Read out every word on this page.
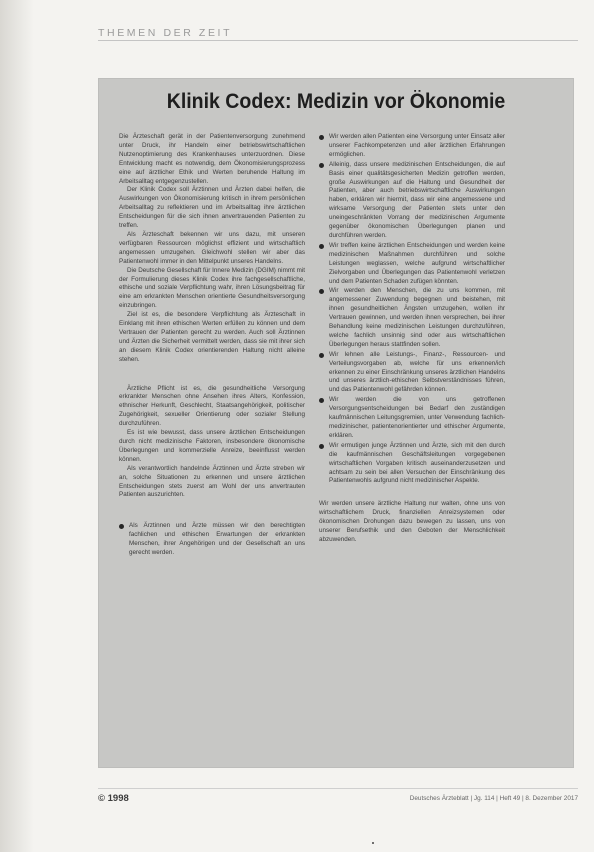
THEMEN DER ZEIT
Klinik Codex: Medizin vor Ökonomie

Die Ärzteschaft gerät in der Patientenversorgung zunehmend unter Druck, ihr Handeln einer betriebswirtschaftlichen Nutzenoptimierung des Krankenhauses unterzuordnen. Diese Entwicklung macht es notwendig, dem Ökonomisierungsprozess eine auf ärztlicher Ethik und Werten beruhende Haltung im Arbeitsalltag entgegenzustellen.

Der Klinik Codex soll Ärztinnen und Ärzten dabei helfen, die Auswirkungen von Ökonomisierung kritisch in ihrem persönlichen Arbeitsalltag zu reflektieren und im Arbeitsalltag ihre ärztlichen Entscheidungen für die sich ihnen anvertrauenden Patienten zu treffen.

Als Ärzteschaft bekennen wir uns dazu, mit unseren verfügbaren Ressourcen möglichst effizient und wirtschaftlich angemessen umzugehen. Gleichwohl stellen wir aber das Patientenwohl immer in den Mittelpunkt unseres Handelns.

Die Deutsche Gesellschaft für Innere Medizin (DGIM) nimmt mit der Formulierung dieses Klinik Codex ihre fachgesellschaftliche, ethische und soziale Verpflichtung wahr, ihren Lösungsbeitrag für eine am erkrankten Menschen orientierte Gesundheitsversorgung einzubringen.

Ziel ist es, die besondere Verpflichtung als Ärzteschaft in Einklang mit ihren ethischen Werten erfüllen zu können und dem Vertrauen der Patienten gerecht zu werden. Auch soll Ärztinnen und Ärzten die Sicherheit vermittelt werden, dass sie mit ihrer sich an diesem Klinik Codex orientierenden Haltung nicht alleine stehen.

Ärztliche Pflicht ist es, die gesundheitliche Versorgung erkrankter Menschen ohne Ansehen ihres Alters, Konfession, ethnischer Herkunft, Geschlecht, Staatsangehörigkeit, politischer Zugehörigkeit, sexueller Orientierung oder sozialer Stellung durchzuführen.

Es ist wie bewusst, dass unsere ärztlichen Entscheidungen durch nicht medizinische Faktoren, insbesondere ökonomische Überlegungen und kommerzielle Anreize, beeinflusst werden können.

Als verantwortlich handelnde Ärztinnen und Ärzte streben wir an, solche Situationen zu erkennen und unsere ärztlichen Entscheidungen stets zuerst am Wohl der uns anvertrauten Patienten auszurichten.

Als Ärztinnen und Ärzte müssen wir den berechtigten fachlichen und ethischen Erwartungen der erkrankten Menschen, ihrer Angehörigen und der Gesellschaft an uns gerecht werden.
Wir werden allen Patienten eine Versorgung unter Einsatz aller unserer Fachkompetenzen und aller ärztlichen Erfahrungen ermöglichen.
Alleinig, dass unsere medizinischen Entscheidungen, die auf Basis einer qualitätsgesicherten Medizin getroffen werden, große Auswirkungen auf die Haltung und Gesundheit der Patienten, aber auch betriebswirtschaftliche Auswirkungen haben, erklären wir hiermit, dass wir eine angemessene und wirksame Versorgung der Patienten stets unter den uneingeschränkten Vorrang der medizinischen Argumente gegenüber ökonomischen Überlegungen planen und durchführen werden.
Wir treffen keine ärztlichen Entscheidungen und werden keine medizinischen Maßnahmen durchführen und solche Leistungen weglassen, welche aufgrund wirtschaftlicher Zielvorgaben und Überlegungen das Patientenwohl verletzen und dem Patienten Schaden zufügen könnten.
Wir werden den Menschen, die zu uns kommen, mit angemessener Zuwendung begegnen und beistehen, mit ihnen gesundheitlichen Ängsten umzugehen, wollen ihr Vertrauen gewinnen, und werden ihnen versprechen, bei ihrer Behandlung keine medizinischen Leistungen durchzuführen, welche fachlich unsinnig sind oder aus wirtschaftlichen Überlegungen heraus stattfinden sollen.
Wir lehnen alle Leistungs-, Finanz-, Ressourcen- und Verteilungsvorgaben ab, welche für uns erkennen/ich erkennen zu einer Einschränkung unseres ärztlichen Handelns und unseres ärztlich-ethischen Selbstverständnisses führen, und das Patientenwohl gefährden können.
Wir werden die von uns getroffenen Versorgungsentscheidungen bei Bedarf den zuständigen kaufmännischen Leitungsgremien, unter Verwendung fachlich-medizinischer, patientenorientierter und ethischer Argumente, erklären.
Wir ermutigen junge Ärztinnen und Ärzte, sich mit den durch die kaufmännischen Geschäftsleitungen vorgegebenen wirtschaftlichen Vorgaben kritisch auseinanderzusetzen und achtsam zu sein bei allen Versuchen der Einschränkung des Patientenwohls aufgrund nicht medizinischer Aspekte.

Wir werden unsere ärztliche Haltung nur walten, ohne uns von wirtschaftlichem Druck, finanziellen Anreizsystemen oder ökonomischen Drohungen dazu bewegen zu lassen, uns von unserer Berufsethik und den Geboten der Menschlichkeit abzuwenden.

© 1998	Deutsches Ärzteblatt | Jg. 114 | Heft 49 | 8. Dezember 2017
